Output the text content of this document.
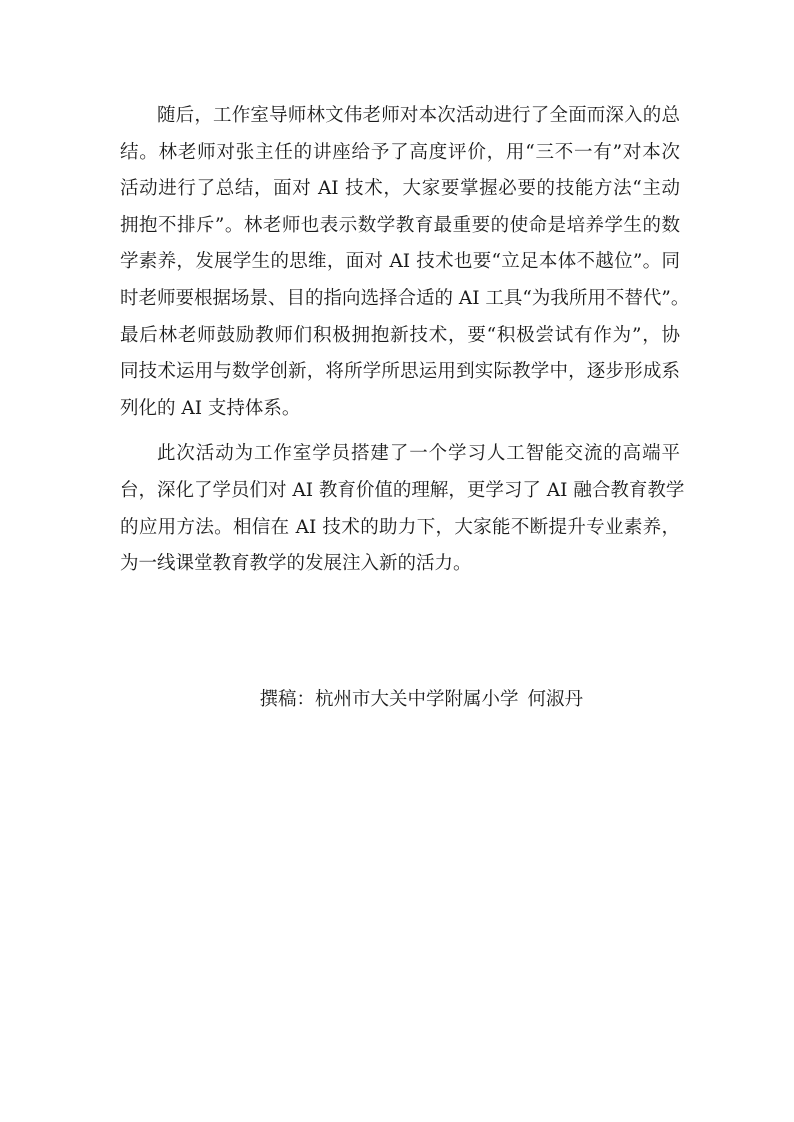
随后，工作室导师林文伟老师对本次活动进行了全面而深入的总
结。林老师对张主任的讲座给予了高度评价，用“三不一有”对本次
活动进行了总结，面对 AI 技术，大家要掌握必要的技能方法“主动
拥抱不排斥”。林老师也表示数学教育最重要的使命是培养学生的数
学素养，发展学生的思维，面对 AI 技术也要“立足本体不越位”。同
时老师要根据场景、目的指向选择合适的 AI 工具“为我所用不替代”。
最后林老师鼓励教师们积极拥抱新技术，要“积极尝试有作为”，协
同技术运用与数学创新，将所学所思运用到实际教学中，逐步形成系
列化的 AI 支持体系。
此次活动为工作室学员搭建了一个学习人工智能交流的高端平
台，深化了学员们对 AI 教育价值的理解，更学习了 AI 融合教育教学
的应用方法。相信在 AI 技术的助力下，大家能不断提升专业素养，
为一线课堂教育教学的发展注入新的活力。
撰稿：杭州市大关中学附属小学 何淑丹
